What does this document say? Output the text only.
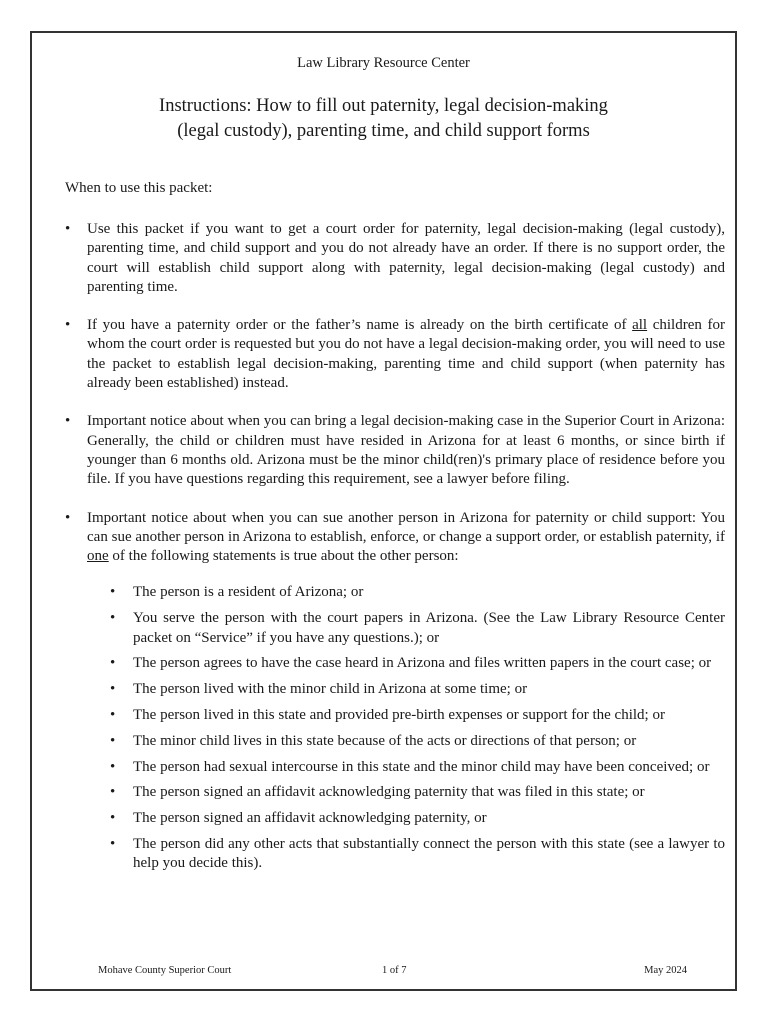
Law Library Resource Center
Instructions: How to fill out paternity, legal decision-making
(legal custody), parenting time, and child support forms
When to use this packet:
• Use this packet if you want to get a court order for paternity, legal decision-making (legal custody), parenting time, and child support and you do not already have an order. If there is no support order, the court will establish child support along with paternity, legal decision-making (legal custody) and parenting time.
• If you have a paternity order or the father’s name is already on the birth certificate of all children for whom the court order is requested but you do not have a legal decision-making order, you will need to use the packet to establish legal decision-making, parenting time and child support (when paternity has already been established) instead.
• Important notice about when you can bring a legal decision-making case in the Superior Court in Arizona: Generally, the child or children must have resided in Arizona for at least 6 months, or since birth if younger than 6 months old. Arizona must be the minor child(ren)'s primary place of residence before you file. If you have questions regarding this requirement, see a lawyer before filing.
• Important notice about when you can sue another person in Arizona for paternity or child support: You can sue another person in Arizona to establish, enforce, or change a support order, or establish paternity, if one of the following statements is true about the other person:
• The person is a resident of Arizona; or
• You serve the person with the court papers in Arizona. (See the Law Library Resource Center packet on “Service” if you have any questions.); or
• The person agrees to have the case heard in Arizona and files written papers in the court case; or
• The person lived with the minor child in Arizona at some time; or
• The person lived in this state and provided pre-birth expenses or support for the child; or
• The minor child lives in this state because of the acts or directions of that person; or
• The person had sexual intercourse in this state and the minor child may have been conceived; or
• The person signed an affidavit acknowledging paternity that was filed in this state; or
• The person signed an affidavit acknowledging paternity, or
• The person did any other acts that substantially connect the person with this state (see a lawyer to help you decide this).
Mohave County Superior Court	1 of 7	May 2024
